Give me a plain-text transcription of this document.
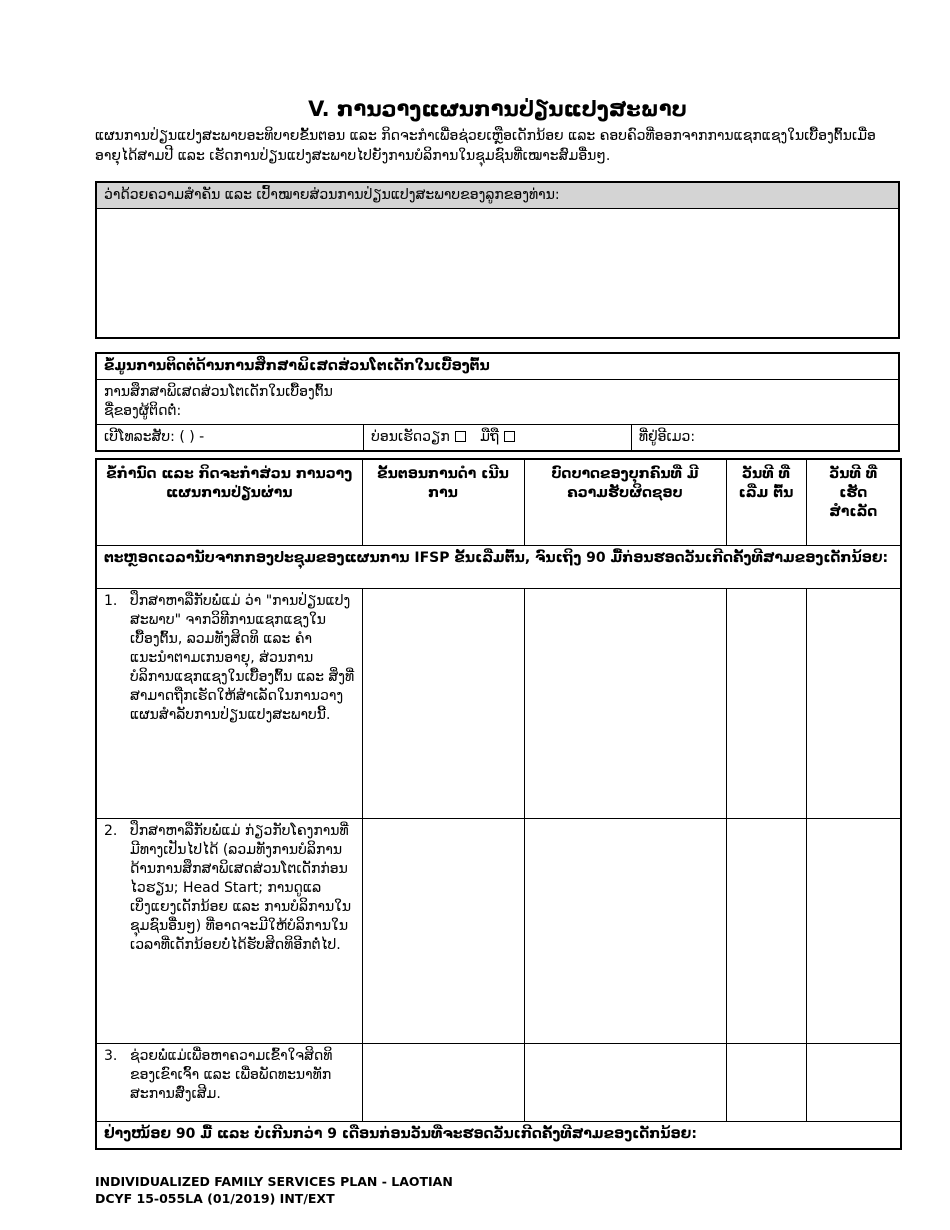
V. ການວາງແຜນການປ່ຽນແປງສະພາບ

ແຜນການປ່ຽນແປງສະພາບອະທິບາຍຂັ້ນຕອນ ແລະ ກິດຈະກຳເພື່ອຊ່ວຍເຫຼືອເດັກນ້ອຍ ແລະ ຄອບຄົວທີ່ອອກຈາກການແຊກແຊງໃນເບື້ອງຕົ້ນເມື່ອອາຍຸໄດ້ສາມປີ ແລະ ເຮັດການປ່ຽນແປງສະພາບໄປຍັງການບໍລິການໃນຊຸມຊົນທີ່ເໝາະສົມອື່ນໆ.

ວ່າດ້ວຍຄວາມສຳຄັນ ແລະ ເປົ້າໝາຍສ່ວນການປ່ຽນແປງສະພາບຂອງລູກຂອງທ່ານ:

ຂໍ້ມູນການຕິດຕໍ່ດ້ານການສຶກສາພິເສດສ່ວນໂຕເດັກໃນເບື້ອງຕົ້ນ

ການສຶກສາພິເສດສ່ວນໂຕເດັກໃນເບື້ອງຕົ້ນ
ຊື່ຂອງຜູ້ຕິດຕໍ່:

ເບີໂທລະສັບ: ( ) -	ບ່ອນເຮັດວຽກ ມືຖື	ທີ່ຢູ່ອີເມວ:
ຂໍ້ກຳນົດ ແລະ ກິດຈະກຳສ່ວນ ການວາງແຜນການປ່ຽນຜ່ານ	ຂັ້ນຕອນການດຳ ເນີນການ	ບົດບາດຂອງບຸກຄົນທີ່ ມີຄວາມຮັບຜິດຊອບ	ວັນທີ ທີ່ ເລີ່ມ ຕົ້ນ	ວັນທີ ທີ່ ເຮັດ ສຳເລັດ
ຕະຫຼອດເວລານັບຈາກກອງປະຊຸມຂອງແຜນການ IFSP ຂັ້ນເລີ່ມຕົ້ນ, ຈົນເຖິງ 90 ມື້ກ່ອນຮອດວັນເກີດຄັ້ງທີສາມຂອງເດັກນ້ອຍ:				

1. ປຶກສາຫາລືກັບພໍ່ແມ່ ວ່າ "ການປ່ຽນແປງສະພາບ" ຈາກວິທີການແຊກແຊງໃນເບື້ອງຕົ້ນ, ລວມທັງສິດທິ ແລະ ຄຳແນະນຳຕາມເກນອາຍຸ, ສ່ວນການບໍລິການແຊກແຊງໃນເບື້ອງຕົ້ນ ແລະ ສິ່ງທີ່ສາມາດຖືກເຮັດໃຫ້ສຳເລັດໃນການວາງແຜນສຳລັບການປ່ຽນແປງສະພາບນີ້.				

2. ປຶກສາຫາລືກັບພໍ່ແມ່ ກ່ຽວກັບໂຄງການທີ່ມີທາງເປັນໄປໄດ້ (ລວມທັງການບໍລິການດ້ານການສຶກສາພິເສດສ່ວນໂຕເດັກກ່ອນໄວຮຽນ; Head Start; ການດູແລເບິ່ງແຍງເດັກນ້ອຍ ແລະ ການບໍລິການໃນຊຸມຊົນອື່ນໆ) ທີ່ອາດຈະມີໃຫ້ບໍລິການໃນເວລາທີ່ເດັກນ້ອຍບໍ່ໄດ້ຮັບສິດທິອີກຕໍ່ໄປ.				

3. ຊ່ວຍພໍ່ແມ່ເພື່ອຫາຄວາມເຂົ້າໃຈສິດທິຂອງເຂົາເຈົ້າ ແລະ ເພື່ອພັດທະນາທັກສະການສົ່ງເສີມ.				

ຢ່າງໜ້ອຍ 90 ມື້ ແລະ ບໍ່ເກີນກວ່າ 9 ເດືອນກ່ອນວັນທີ່ຈະຮອດວັນເກີດຄັ້ງທີສາມຂອງເດັກນ້ອຍ:				
INDIVIDUALIZED FAMILY SERVICES PLAN - LAOTIAN
DCYF 15-055LA (01/2019) INT/EXT
